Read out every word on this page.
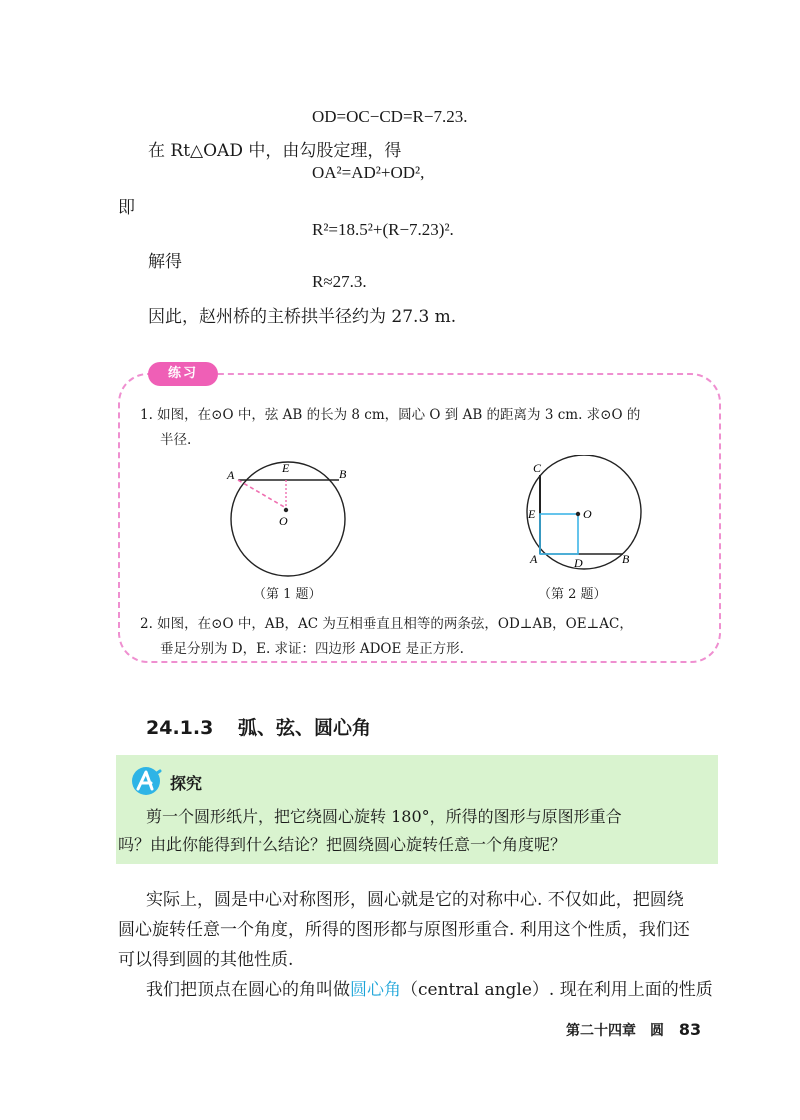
OD=OC−CD=R−7.23.
在 Rt△OAD 中，由勾股定理，得
OA²=AD²+OD²,
即
R²=18.5²+(R−7.23)².
解得
R≈27.3.
因此，赵州桥的主桥拱半径约为 27.3 m.
练习
1. 如图，在⊙O 中，弦 AB 的长为 8 cm，圆心 O 到 AB 的距离为 3 cm. 求⊙O 的
半径.
A	E	B
O
（第 1 题）
C
E	O
A	D	B
（第 2 题）
2. 如图，在⊙O 中，AB，AC 为互相垂直且相等的两条弦，OD⊥AB，OE⊥AC，
垂足分别为 D，E. 求证：四边形 ADOE 是正方形.
24.1.3 弧、弦、圆心角
探究
剪一个圆形纸片，把它绕圆心旋转 180°，所得的图形与原图形重合
吗？由此你能得到什么结论？把圆绕圆心旋转任意一个角度呢？
实际上，圆是中心对称图形，圆心就是它的对称中心. 不仅如此，把圆绕
圆心旋转任意一个角度，所得的图形都与原图形重合. 利用这个性质，我们还
可以得到圆的其他性质.
我们把顶点在圆心的角叫做圆心角（central angle）. 现在利用上面的性质
第二十四章　圆 83
